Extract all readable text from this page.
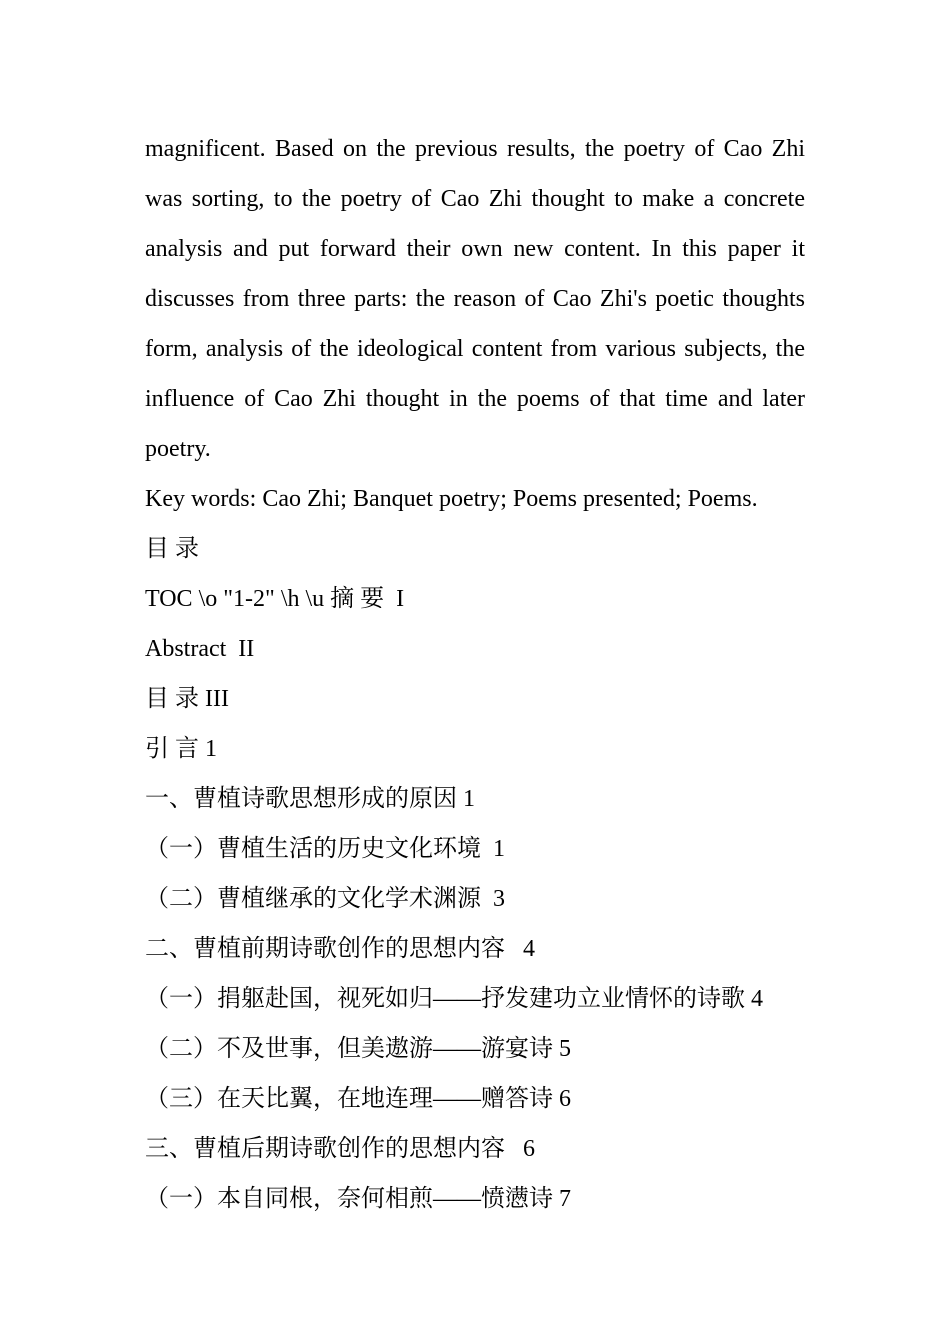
magnificent. Based on the previous results, the poetry of Cao Zhi was sorting, to the poetry of Cao Zhi thought to make a concrete analysis and put forward their own new content. In this paper it discusses from three parts: the reason of Cao Zhi's poetic thoughts form, analysis of the ideological content from various subjects, the influence of Cao Zhi thought in the poems of that time and later poetry.

Key words: Cao Zhi; Banquet poetry; Poems presented; Poems.

目 录

TOC \o "1-2" \h \u 摘 要  I

Abstract  II

目 录 III

引 言 1

一、曹植诗歌思想形成的原因 1

（一）曹植生活的历史文化环境  1

（二）曹植继承的文化学术渊源  3

二、曹植前期诗歌创作的思想内容   4

（一）捐躯赴国，视死如归——抒发建功立业情怀的诗歌 4

（二）不及世事，但美遨游——游宴诗 5

（三）在天比翼，在地连理——赠答诗 6

三、曹植后期诗歌创作的思想内容   6

（一）本自同根，奈何相煎——愤懑诗 7
